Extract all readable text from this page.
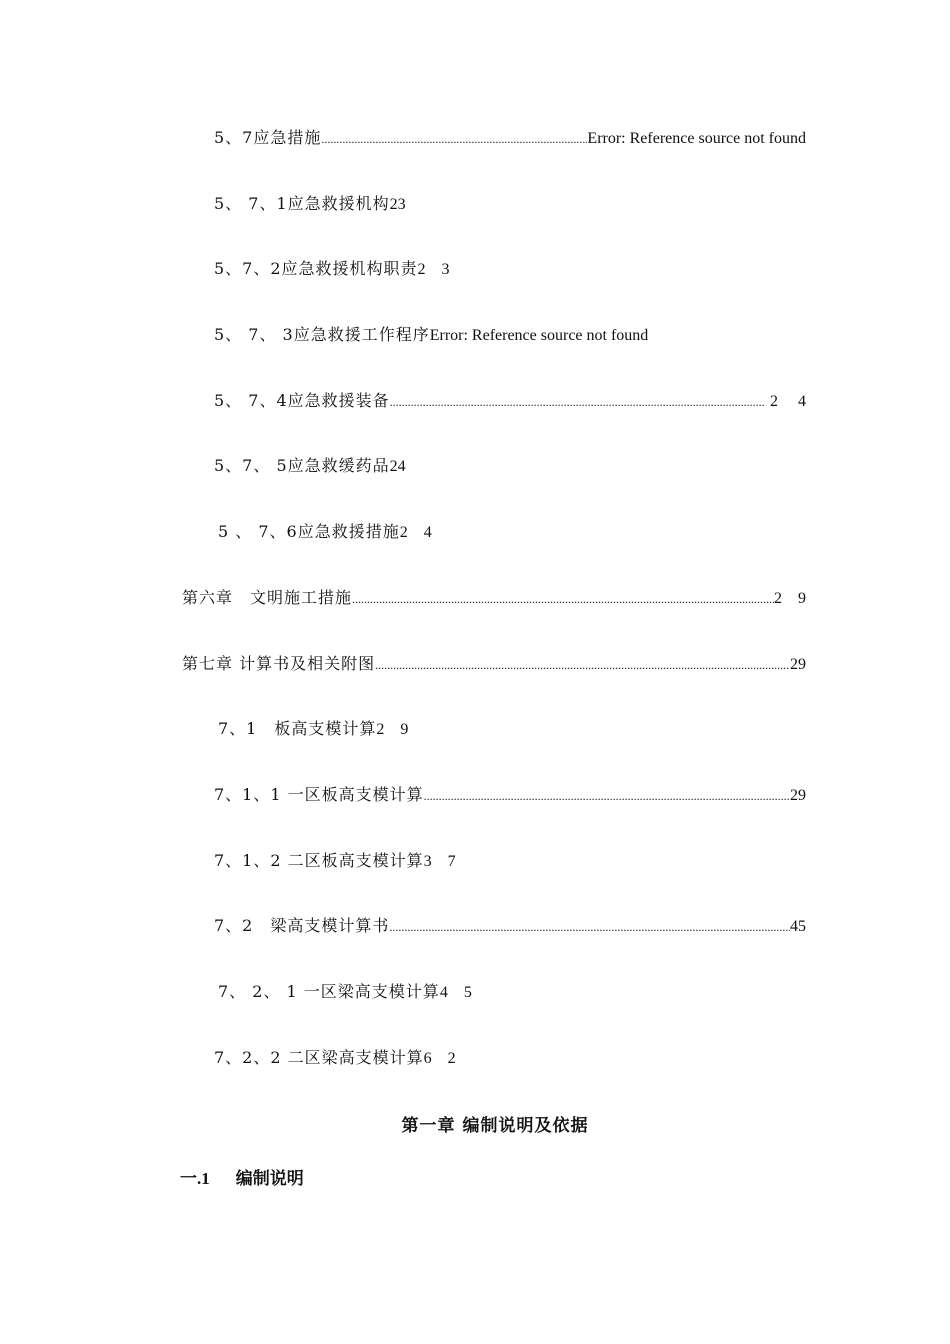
5、7应急措施 .....	Error: Reference source not found
5、 7、1应急救援机构 23
5、7、2应急救援机构职责 2 3
5、 7、 3应急救援工作程序 Error: Reference source not found
5、 7、4应急救援装备 .....	2 4
5、7、 5应急救缓药品 24
5 、 7、6应急救援措施 2 4
第六章　文明施工措施 .....	2 9
第七章 计算书及相关附图 .....	29
7、1　板高支模计算 2 9
7、1、1 一区板高支模计算 .....	29
7、1、2 二区板高支模计算 3 7
7、2　梁高支模计算书 .....	45
7、 2、 1 一区梁高支模计算 4 5
7、2、2 二区梁高支模计算 6 2
第一章 编制说明及依据
一.1 编制说明
